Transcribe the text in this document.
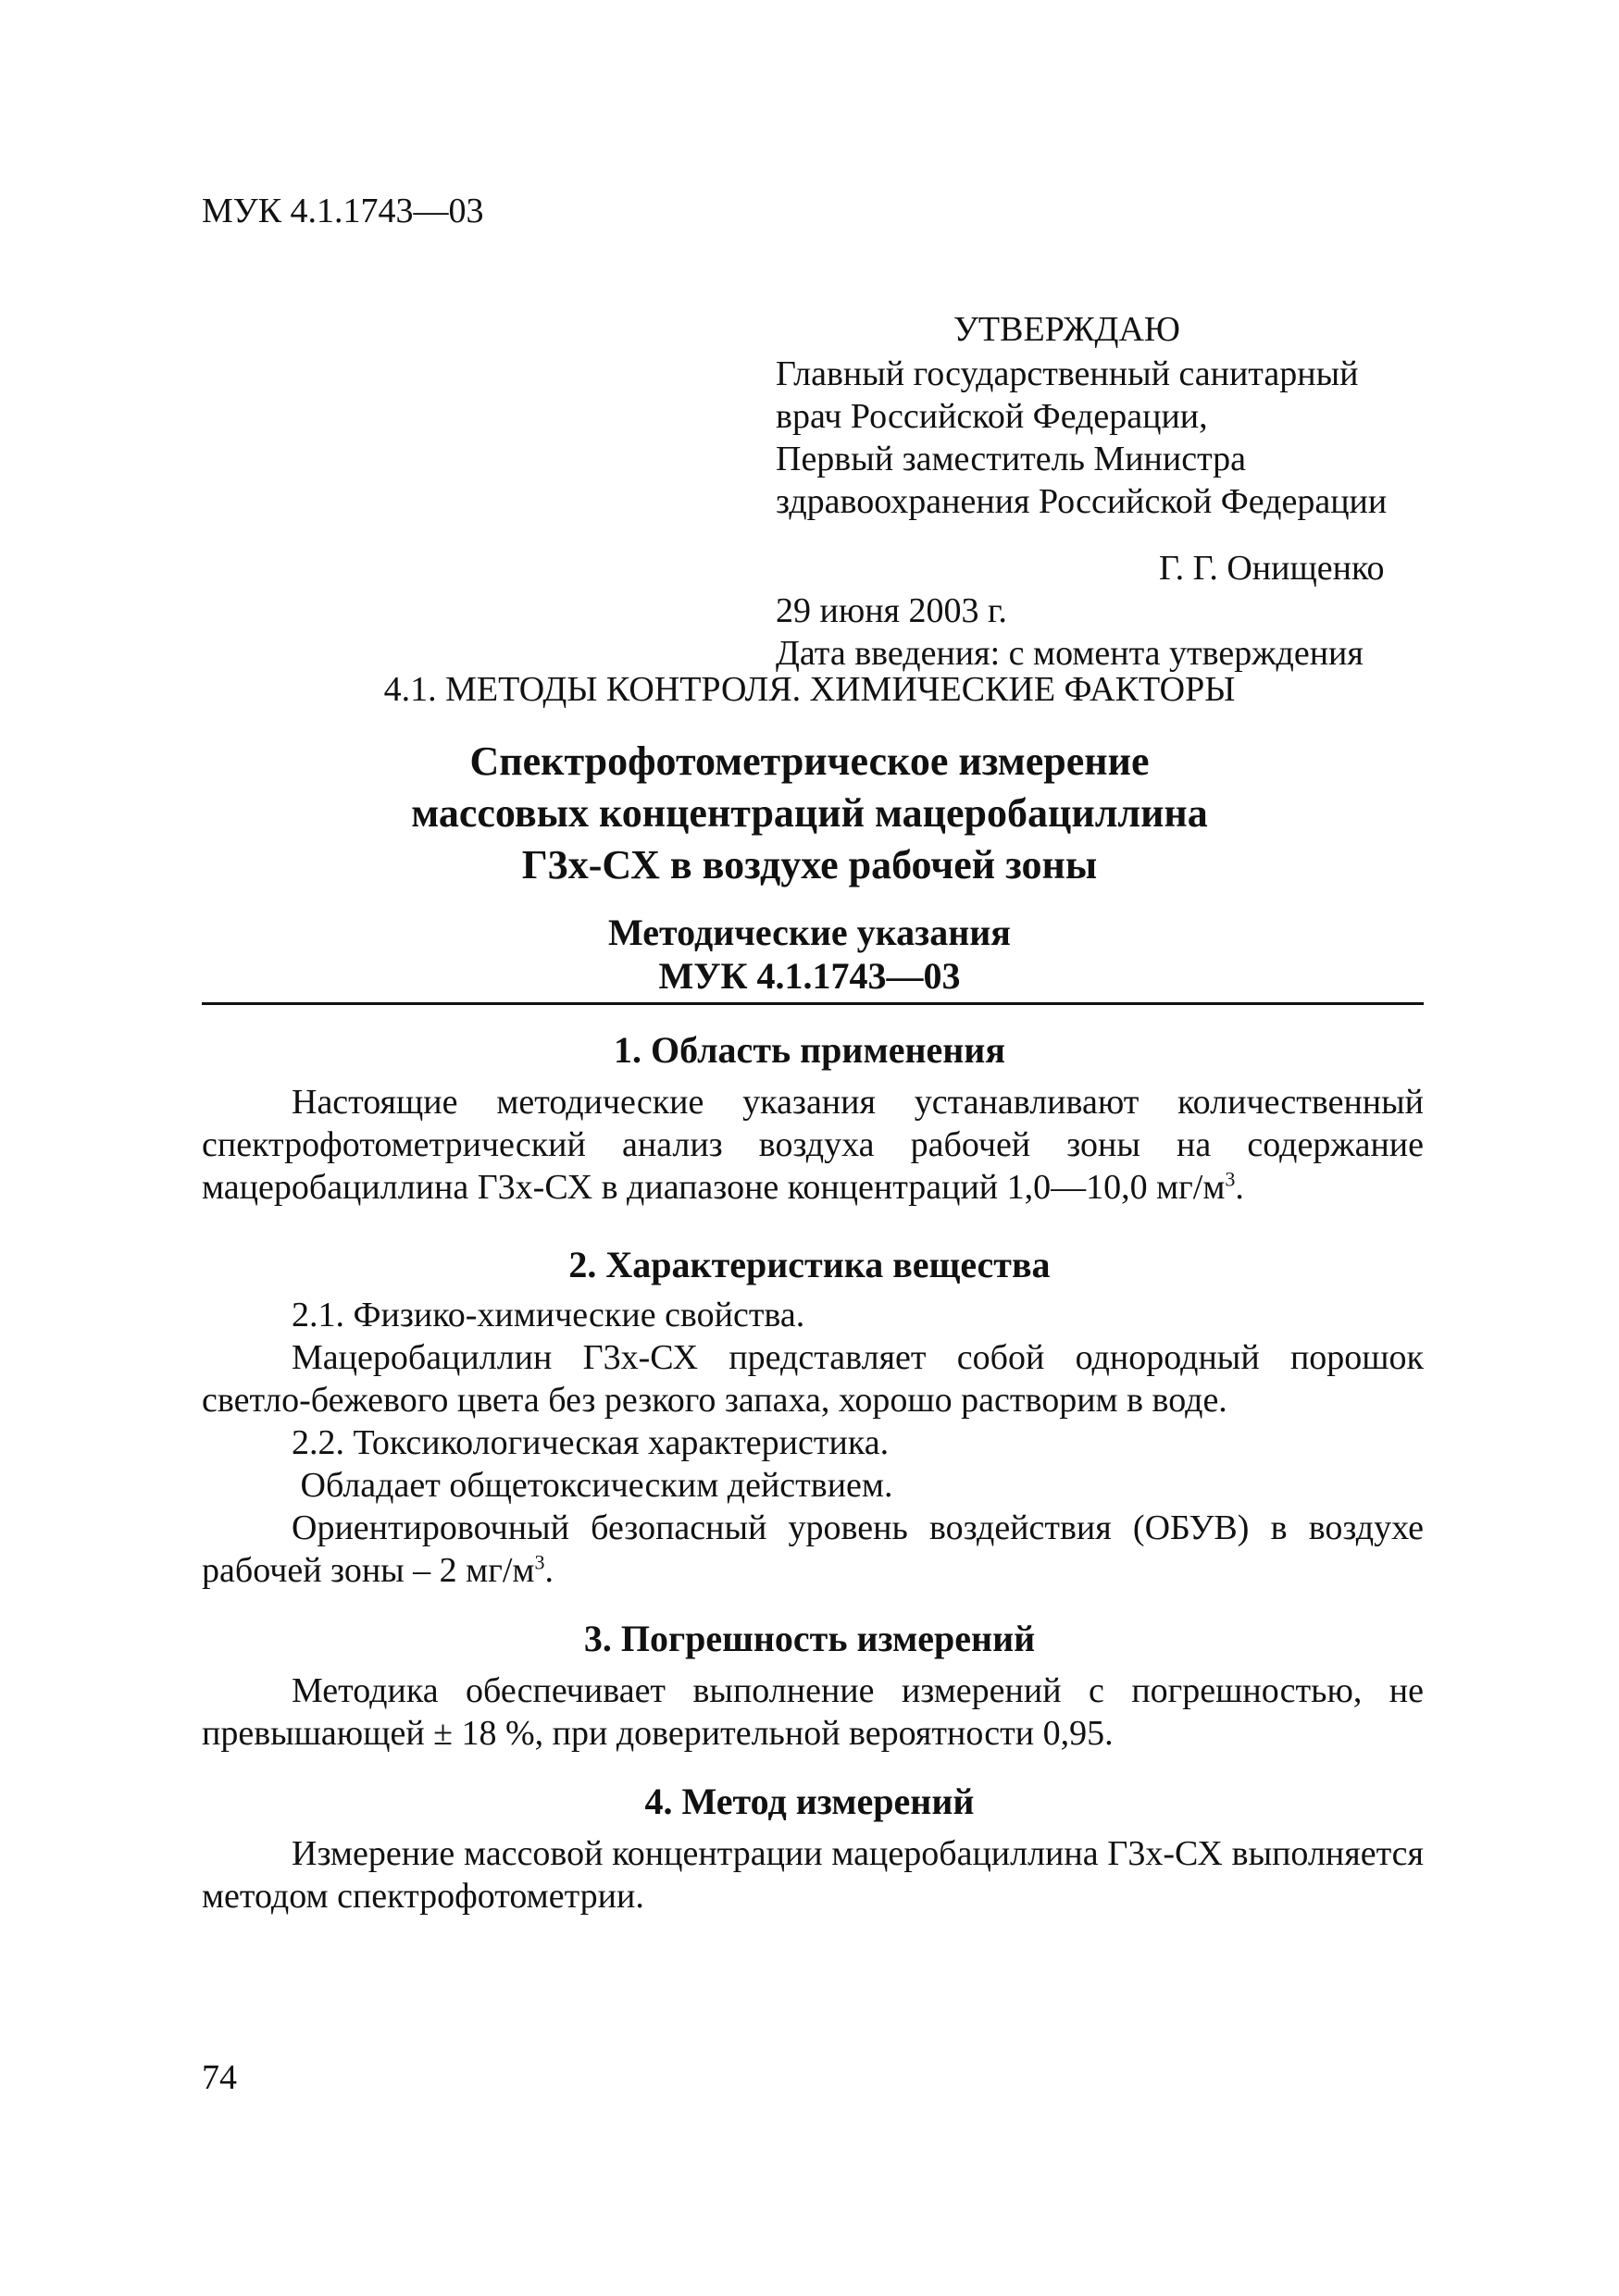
МУК 4.1.1743—03

УТВЕРЖДАЮ

Главный государственный санитарный

врач Российской Федерации,

Первый заместитель Министра

здравоохранения Российской Федерации

Г. Г. Онищенко

29 июня 2003 г.

Дата введения: с момента утверждения

4.1. МЕТОДЫ КОНТРОЛЯ. ХИМИЧЕСКИЕ ФАКТОРЫ

Спектрофотометрическое измерение

массовых концентраций мацеробациллина

Г3х-СХ в воздухе рабочей зоны

Методические указания

МУК 4.1.1743—03

1. Область применения

Настоящие методические указания устанавливают количественный спектрофотометрический анализ воздуха рабочей зоны на содержание мацеробациллина Г3х-СХ в диапазоне концентраций 1,0—10,0 $мг/м^3$.

2. Характеристика вещества

2.1. Физико-химические свойства.

Мацеробациллин Г3х-СХ представляет собой однородный порошок светло-бежевого цвета без резкого запаха, хорошо растворим в воде.

2.2. Токсикологическая характеристика.

Обладает общетоксическим действием.

Ориентировочный безопасный уровень воздействия (ОБУВ) в воздухе рабочей зоны – 2 $мг/м^3$.

3. Погрешность измерений

Методика обеспечивает выполнение измерений с погрешностью, не превышающей ± 18 %, при доверительной вероятности 0,95.

4. Метод измерений

Измерение массовой концентрации мацеробациллина Г3х-СХ выполняется методом спектрофотометрии.

74
